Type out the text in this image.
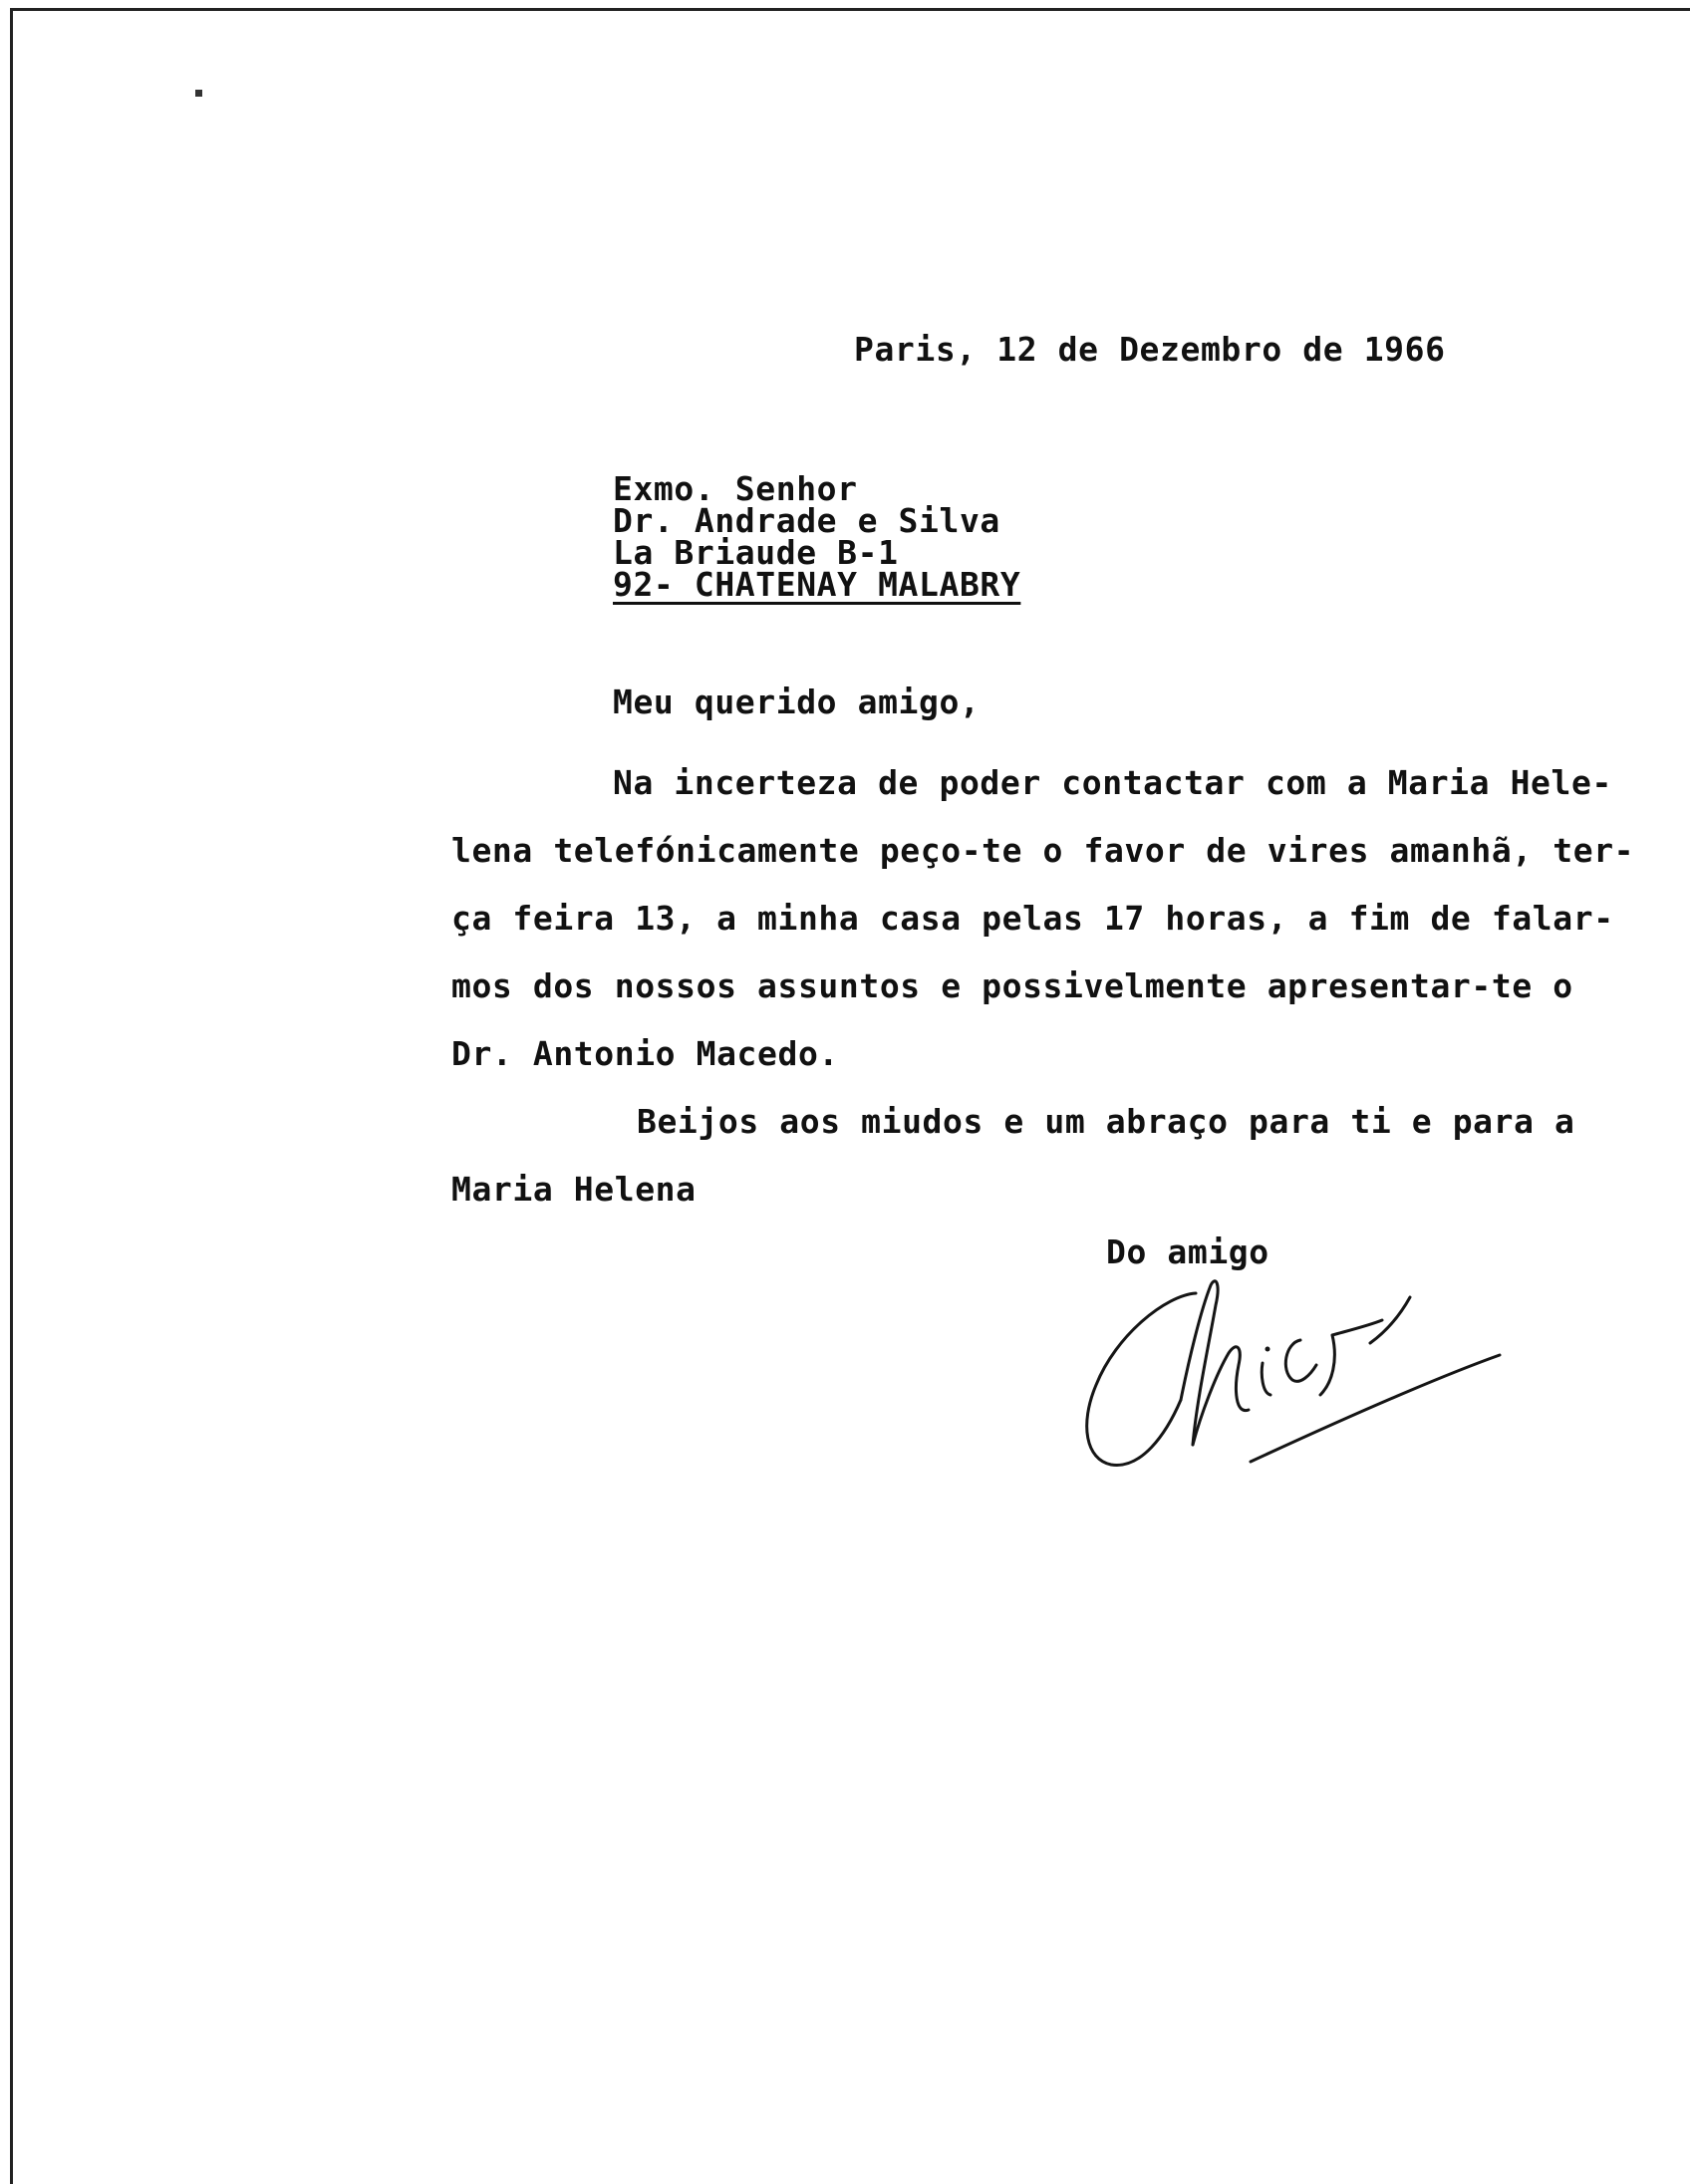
Paris, 12 de Dezembro de 1966
Exmo. Senhor
Dr. Andrade e Silva
La Briaude B-1
92- CHATENAY MALABRY
Meu querido amigo,
Na incerteza de poder contactar com a Maria Hele-
lena telefónicamente peço-te o favor de vires amanhã, ter-
ça feira 13, a minha casa pelas 17 horas, a fim de falar-
mos dos nossos assuntos e possivelmente apresentar-te o
Dr. Antonio Macedo.
Beijos aos miudos e um abraço para ti e para a
Maria Helena
Do amigo
